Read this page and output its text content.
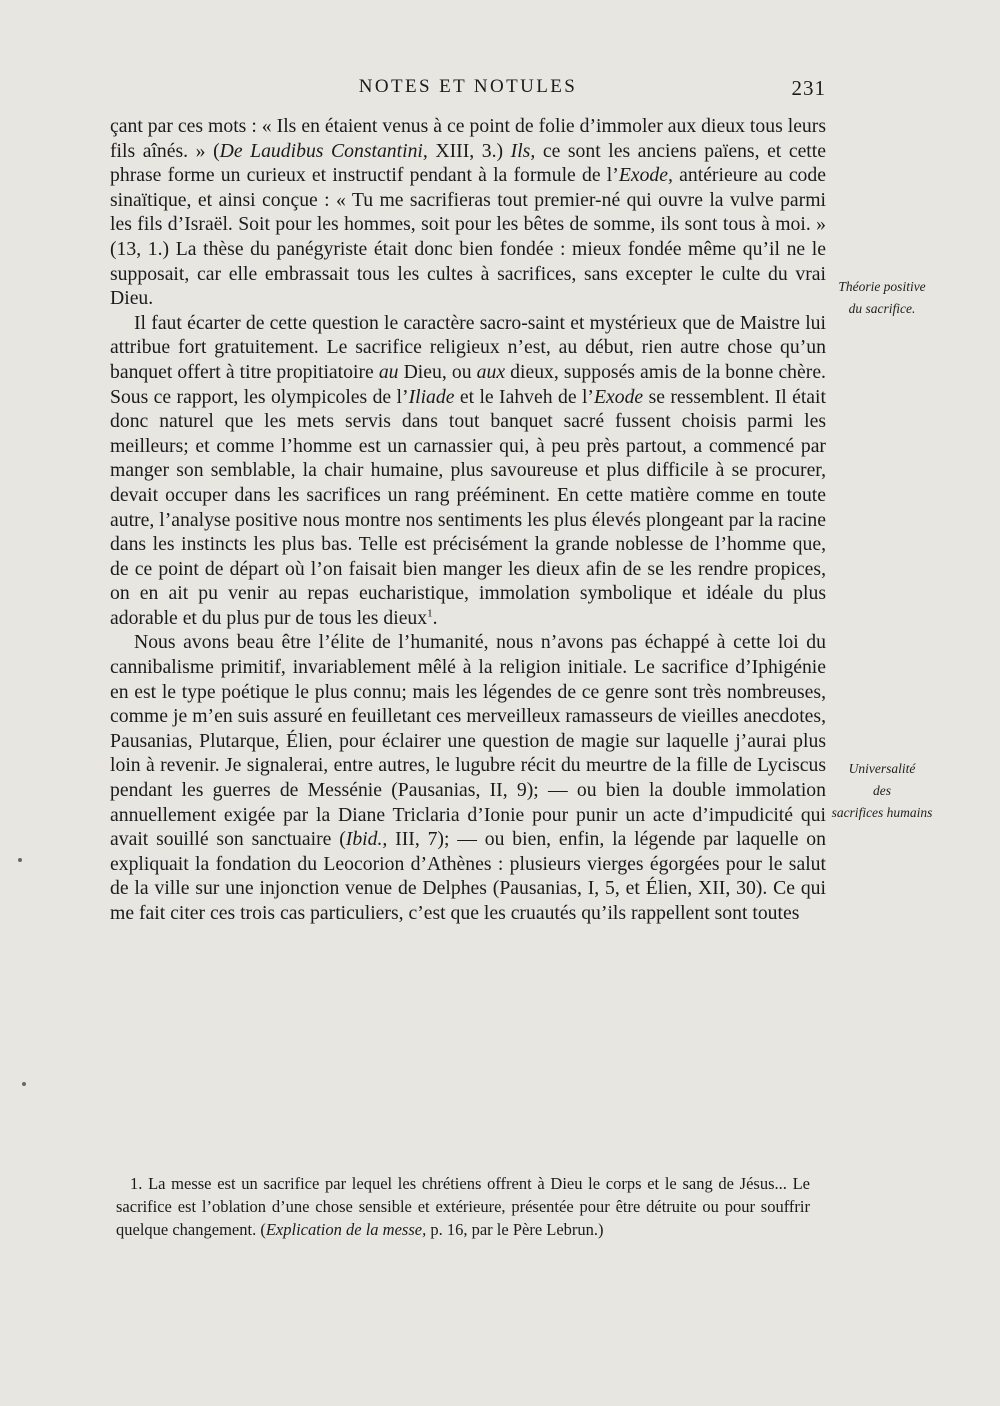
NOTES ET NOTULES	231

çant par ces mots : « Ils en étaient venus à ce point de folie d’immoler aux dieux tous leurs fils aînés. » (De Laudibus Constantini, XIII, 3.) Ils, ce sont les anciens païens, et cette phrase forme un curieux et instructif pendant à la formule de l’Exode, antérieure au code sinaïtique, et ainsi conçue : « Tu me sacrifieras tout premier-né qui ouvre la vulve parmi les fils d’Israël. Soit pour les hommes, soit pour les bêtes de somme, ils sont tous à moi. » (13, 1.) La thèse du panégyriste était donc bien fondée : mieux fondée même qu’il ne le supposait, car elle embrassait tous les cultes à sacrifices, sans excepter le culte du vrai Dieu.

Il faut écarter de cette question le caractère sacro-saint et mystérieux que de Maistre lui attribue fort gratuitement. Le sacrifice religieux n’est, au début, rien autre chose qu’un banquet offert à titre propitiatoire au Dieu, ou aux dieux, supposés amis de la bonne chère. Sous ce rapport, les olympicoles de l’Iliade et le Iahveh de l’Exode se ressemblent. Il était donc naturel que les mets servis dans tout banquet sacré fussent choisis parmi les meilleurs; et comme l’homme est un carnassier qui, à peu près partout, a commencé par manger son semblable, la chair humaine, plus savoureuse et plus difficile à se procurer, devait occuper dans les sacrifices un rang prééminent. En cette matière comme en toute autre, l’analyse positive nous montre nos sentiments les plus élevés plongeant par la racine dans les instincts les plus bas. Telle est précisément la grande noblesse de l’homme que, de ce point de départ où l’on faisait bien manger les dieux afin de se les rendre propices, on en ait pu venir au repas eucharistique, immolation symbolique et idéale du plus adorable et du plus pur de tous les dieux$^1$.

Nous avons beau être l’élite de l’humanité, nous n’avons pas échappé à cette loi du cannibalisme primitif, invariablement mêlé à la religion initiale. Le sacrifice d’Iphigénie en est le type poétique le plus connu; mais les légendes de ce genre sont très nombreuses, comme je m’en suis assuré en feuilletant ces merveilleux ramasseurs de vieilles anecdotes, Pausanias, Plutarque, Élien, pour éclairer une question de magie sur laquelle j’aurai plus loin à revenir. Je signalerai, entre autres, le lugubre récit du meurtre de la fille de Lyciscus pendant les guerres de Messénie (Pausanias, II, 9); — ou bien la double immolation annuellement exigée par la Diane Triclaria d’Ionie pour punir un acte d’impudicité qui avait souillé son sanctuaire (Ibid., III, 7); — ou bien, enfin, la légende par laquelle on expliquait la fondation du Leocorion d’Athènes : plusieurs vierges égorgées pour le salut de la ville sur une injonction venue de Delphes (Pausanias, I, 5, et Élien, XII, 30). Ce qui me fait citer ces trois cas particuliers, c’est que les cruautés qu’ils rappellent sont toutes

Théorie positive
du sacrifice.
Universalité
des
sacrifices humains

1. La messe est un sacrifice par lequel les chrétiens offrent à Dieu le corps et le sang de Jésus... Le sacrifice est l’oblation d’une chose sensible et extérieure, présentée pour être détruite ou pour souffrir quelque changement. (Explication de la messe, p. 16, par le Père Lebrun.)
